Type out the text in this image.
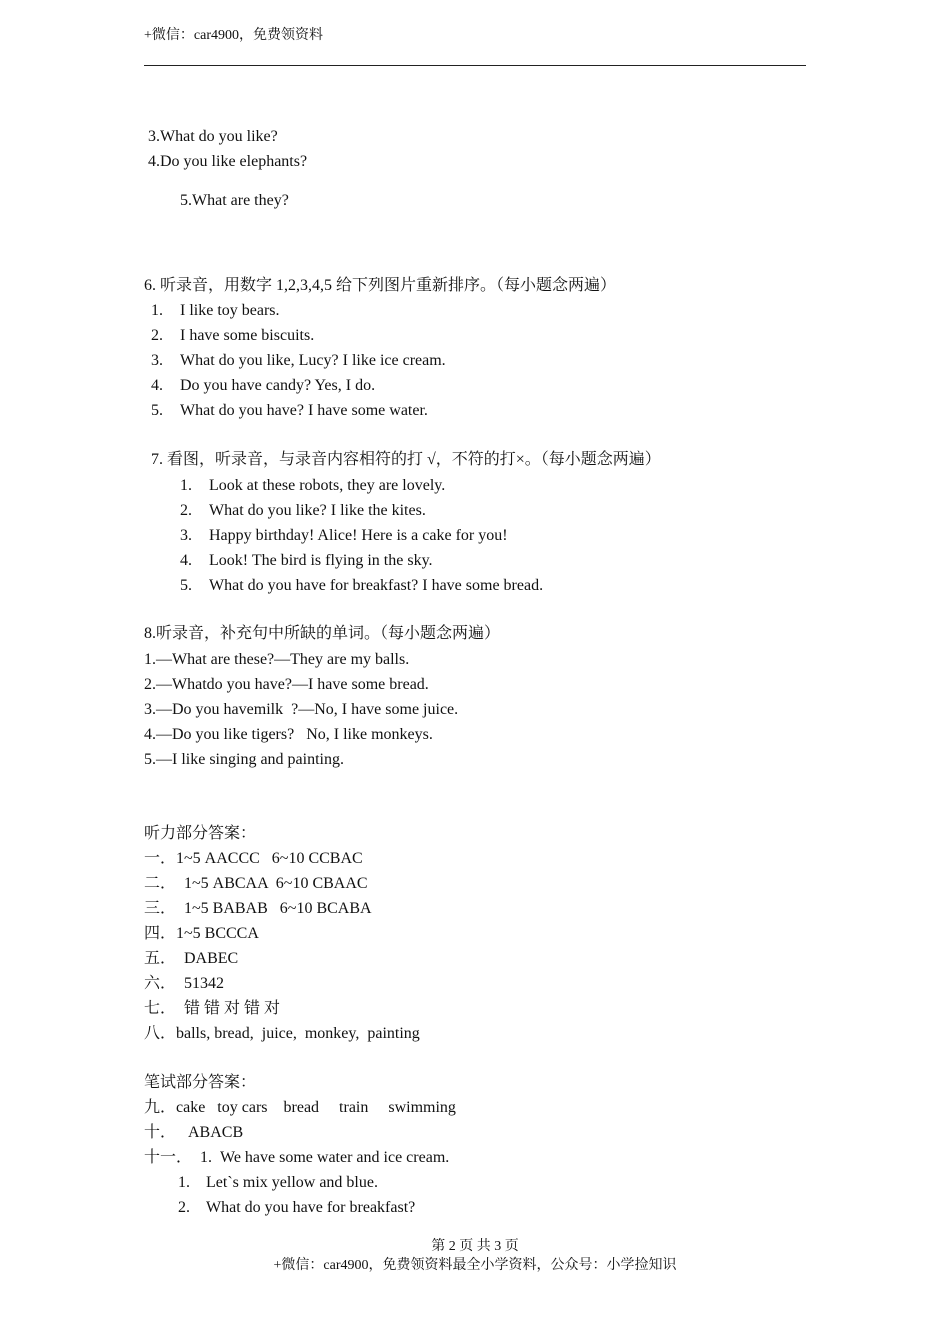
+微信：car4900，免费领资料
3.What do you like?
4.Do you like elephants?
5.What are they?
6. 听录音，用数字 1,2,3,4,5 给下列图片重新排序。（每小题念两遍）
1. I like toy bears.
2. I have some biscuits.
3. What do you like, Lucy? I like ice cream.
4. Do you have candy? Yes, I do.
5. What do you have? I have some water.
7. 看图，听录音，与录音内容相符的打 √，不符的打×。（每小题念两遍）
1. Look at these robots, they are lovely.
2. What do you like? I like the kites.
3. Happy birthday! Alice! Here is a cake for you!
4. Look! The bird is flying in the sky.
5. What do you have for breakfast? I have some bread.
8.听录音，补充句中所缺的单词。（每小题念两遍）
1.—What are these?—They are my balls.
2.—Whatdo you have?—I have some bread.
3.—Do you havemilk  ?—No, I have some juice.
4.—Do you like tigers?   No, I like monkeys.
5.—I like singing and painting.
听力部分答案：
一．1~5 AACCC   6~10 CCBAC
二．  1~5 ABCAA  6~10 CBAAC
三．  1~5 BABAB   6~10 BCABA
四．1~5 BCCCA
五．  DABEC
六．  51342
七．  错 错 对 错 对
八．balls, bread,  juice,  monkey,  painting
笔试部分答案：
九．cake   toy cars    bread     train     swimming
十．   ABACB
十一．  1.  We have some water and ice cream.
1. Let`s mix yellow and blue.
2. What do you have for breakfast?
第 2 页 共 3 页
+微信：car4900，免费领资料最全小学资料，公众号：小学捡知识
